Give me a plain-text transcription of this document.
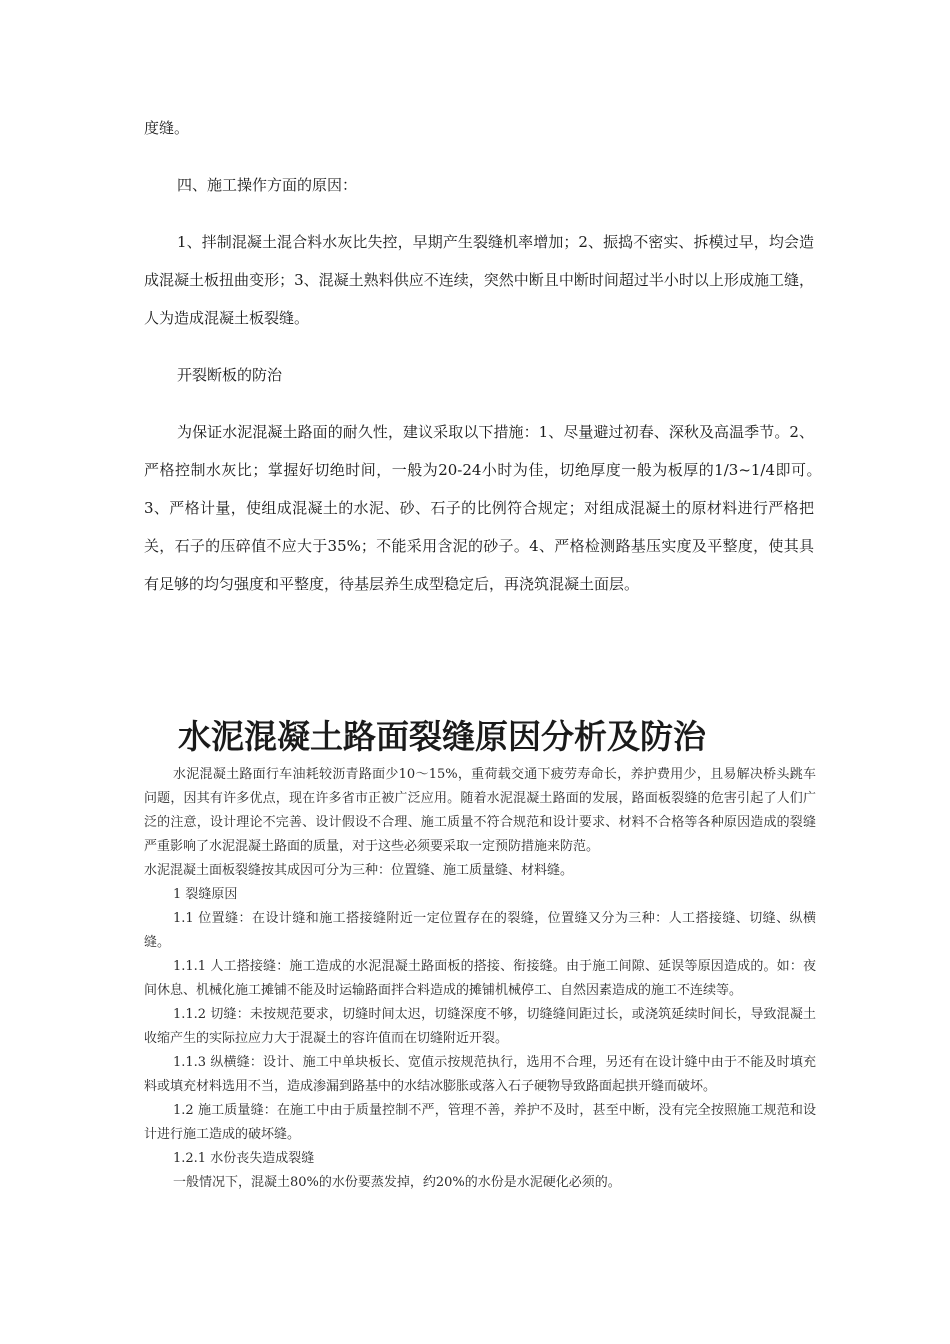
度缝。

四、施工操作方面的原因：

1、拌制混凝土混合料水灰比失控，早期产生裂缝机率增加；2、振捣不密实、拆模过早，均会造成混凝土板扭曲变形；3、混凝土熟料供应不连续，突然中断且中断时间超过半小时以上形成施工缝，人为造成混凝土板裂缝。

开裂断板的防治

为保证水泥混凝土路面的耐久性，建议采取以下措施：1、尽量避过初春、深秋及高温季节。2、严格控制水灰比；掌握好切绝时间，一般为20-24小时为佳，切绝厚度一般为板厚的1/3~1/4即可。　3、严格计量，使组成混凝土的水泥、砂、石子的比例符合规定；对组成混凝土的原材料进行严格把关，石子的压碎值不应大于35%；不能采用含泥的砂子。4、严格检测路基压实度及平整度，使其具有足够的均匀强度和平整度，待基层养生成型稳定后，再浇筑混凝土面层。

水泥混凝土路面裂缝原因分析及防治

水泥混凝土路面行车油耗较沥青路面少10～15%，重荷载交通下疲劳寿命长，养护费用少，且易解决桥头跳车问题，因其有许多优点，现在许多省市正被广泛应用。随着水泥混凝土路面的发展，路面板裂缝的危害引起了人们广泛的注意，设计理论不完善、设计假设不合理、施工质量不符合规范和设计要求、材料不合格等各种原因造成的裂缝严重影响了水泥混凝土路面的质量，对于这些必须要采取一定预防措施来防范。

水泥混凝土面板裂缝按其成因可分为三种：位置缝、施工质量缝、材料缝。

1 裂缝原因

1.1 位置缝：在设计缝和施工搭接缝附近一定位置存在的裂缝，位置缝又分为三种：人工搭接缝、切缝、纵横缝。

1.1.1 人工搭接缝：施工造成的水泥混凝土路面板的搭接、衔接缝。由于施工间隙、延误等原因造成的。如：夜间休息、机械化施工摊铺不能及时运输路面拌合料造成的摊铺机械停工、自然因素造成的施工不连续等。

1.1.2 切缝：未按规范要求，切缝时间太迟，切缝深度不够，切缝缝间距过长，或浇筑延续时间长，导致混凝土收缩产生的实际拉应力大于混凝土的容许值而在切缝附近开裂。

1.1.3 纵横缝：设计、施工中单块板长、宽值示按规范执行，选用不合理，另还有在设计缝中由于不能及时填充料或填充材料选用不当，造成渗漏到路基中的水结冰膨胀或落入石子硬物导致路面起拱开缝而破坏。

1.2 施工质量缝：在施工中由于质量控制不严，管理不善，养护不及时，甚至中断，没有完全按照施工规范和设计进行施工造成的破坏缝。

1.2.1 水份丧失造成裂缝

一般情况下，混凝土80%的水份要蒸发掉，约20%的水份是水泥硬化必须的。
